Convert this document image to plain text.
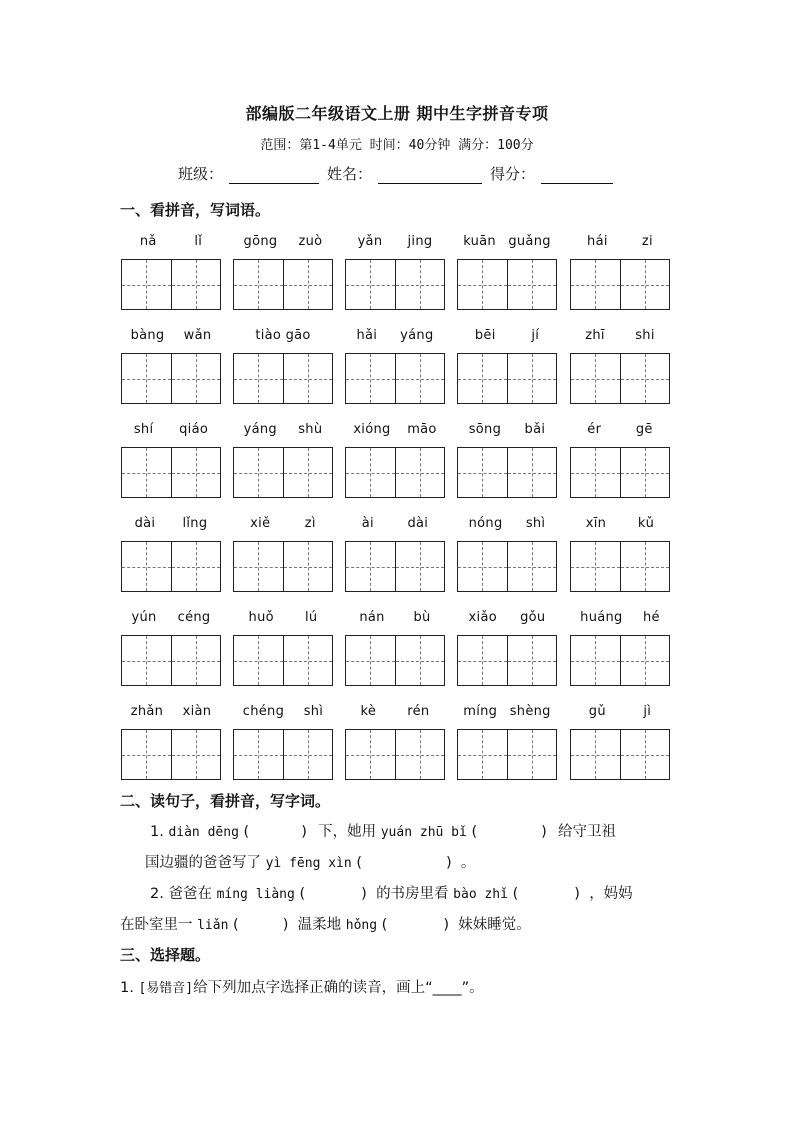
部编版二年级语文上册 期中生字拼音专项
范围：第1-4单元 时间：40分钟 满分：100分
班级：	姓名：	得分：
一、看拼音，写词语。
nǎ	lǐ	gōng zuò	yǎn jing kuān guǎng	hái	zi
bàng wǎn	tiào gāo	hǎi yáng	bēi	jí	zhī shi
shí qiáo	yáng shù xióng māo sōng bǎi	ér	gē
dài lǐng	xiě	zì	ài	dài	nóng shì	xīn kǔ
yún céng	huǒ lú	nán bù	xiǎo gǒu	huáng hé
zhǎn xiàn chéng shì	kè rén	míng shèng	gǔ	jì
二、读句子，看拼音，写字词。
1. diàn dēng (	) 下，她用 yuán zhū bǐ (	) 给守卫祖
国边疆的爸爸写了 yì fēng xìn (	) 。
2. 爸爸在 míng liàng (	) 的书房里看 bào zhǐ (	) ，妈妈
在卧室里一 liǎn (	) 温柔地 hǒng (	) 妹妹睡觉。
三、选择题。
1. [易错音]给下列加点字选择正确的读音，画上“____”。
